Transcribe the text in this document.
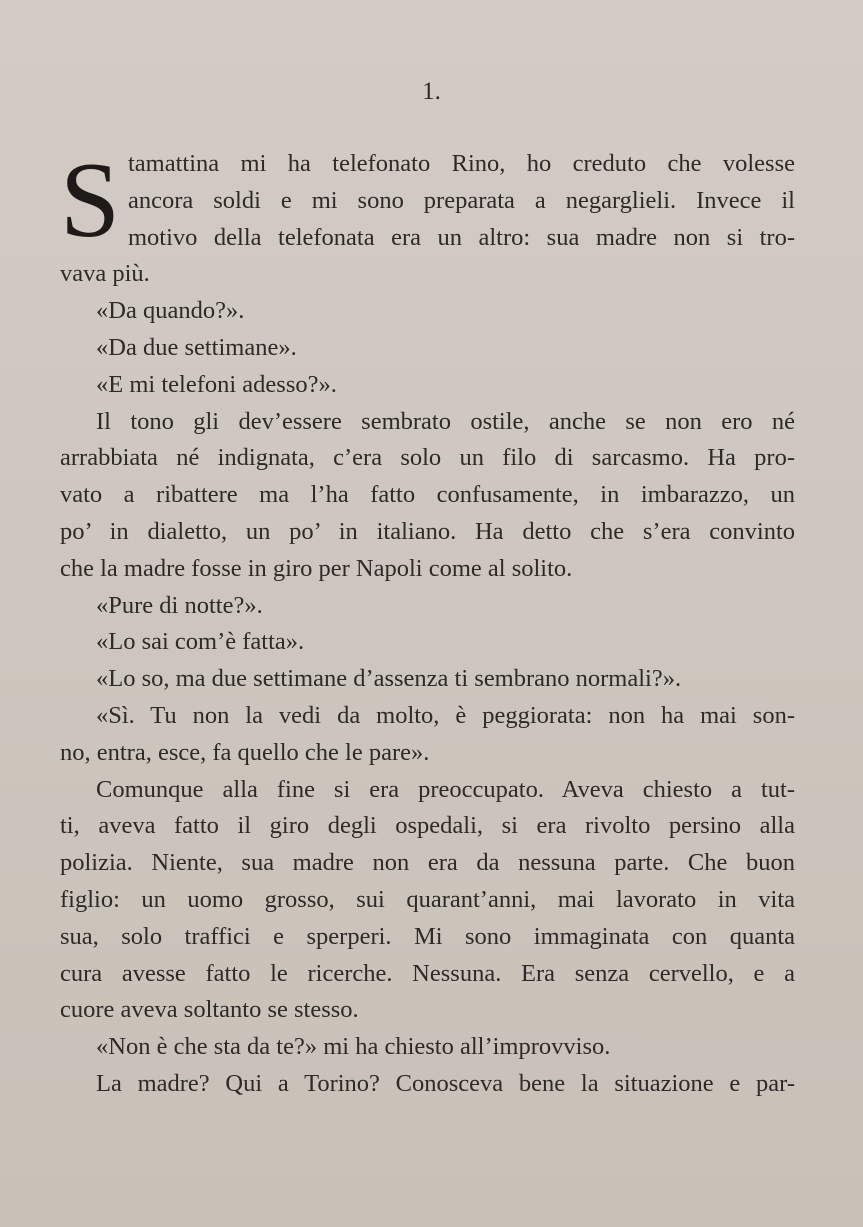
1.
S tamattina mi ha telefonato Rino, ho creduto che volesse
ancora soldi e mi sono preparata a negarglieli. Invece il
motivo della telefonata era un altro: sua madre non si tro-
vava più.
«Da quando?».
«Da due settimane».
«E mi telefoni adesso?».
Il tono gli dev’essere sembrato ostile, anche se non ero né
arrabbiata né indignata, c’era solo un filo di sarcasmo. Ha pro-
vato a ribattere ma l’ha fatto confusamente, in imbarazzo, un
po’ in dialetto, un po’ in italiano. Ha detto che s’era convinto
che la madre fosse in giro per Napoli come al solito.
«Pure di notte?».
«Lo sai com’è fatta».
«Lo so, ma due settimane d’assenza ti sembrano normali?».
«Sì. Tu non la vedi da molto, è peggiorata: non ha mai son-
no, entra, esce, fa quello che le pare».
Comunque alla fine si era preoccupato. Aveva chiesto a tut-
ti, aveva fatto il giro degli ospedali, si era rivolto persino alla
polizia. Niente, sua madre non era da nessuna parte. Che buon
figlio: un uomo grosso, sui quarant’anni, mai lavorato in vita
sua, solo traffici e sperperi. Mi sono immaginata con quanta
cura avesse fatto le ricerche. Nessuna. Era senza cervello, e a
cuore aveva soltanto se stesso.
«Non è che sta da te?» mi ha chiesto all’improvviso.
La madre? Qui a Torino? Conosceva bene la situazione e par-
